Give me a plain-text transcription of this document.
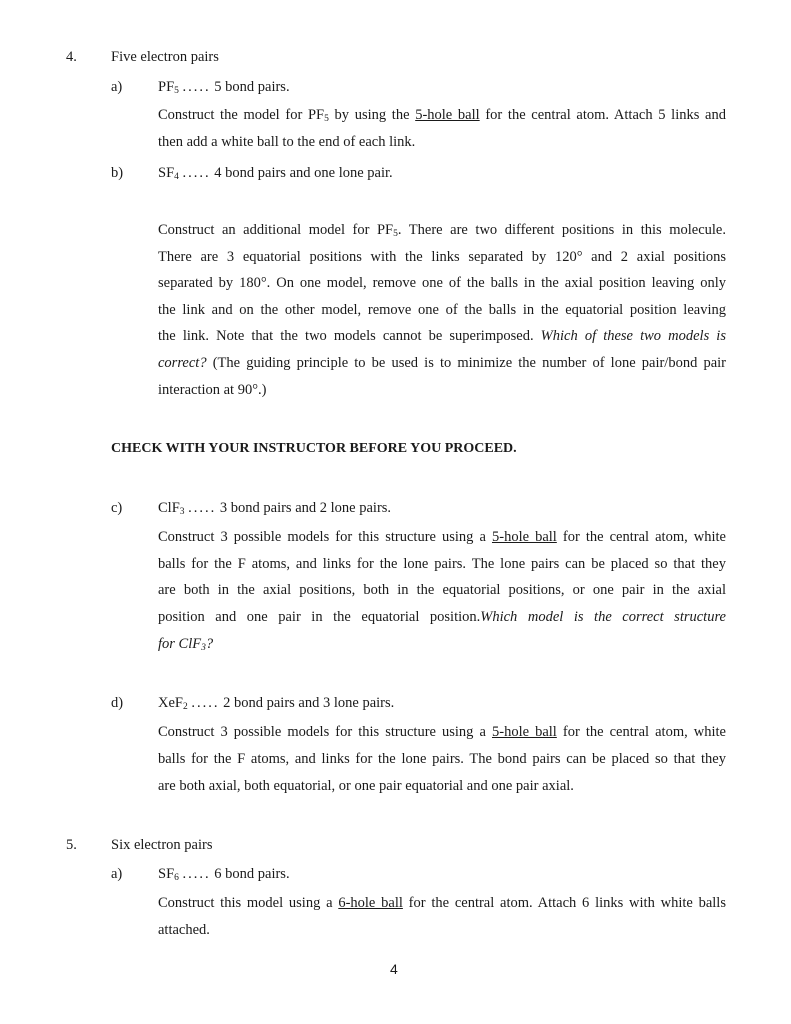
4. Five electron pairs
a) $PF_5$ ..... 5 bond pairs.
Construct the model for $PF_5$ by using the 5-hole ball for the central atom. Attach 5 links and
then add a white ball to the end of each link.
b) $SF_4$ ..... 4 bond pairs and one lone pair.
Construct an additional model for $PF_5$. There are two different positions in this molecule.
There are 3 equatorial positions with the links separated by 120° and 2 axial positions
separated by 180°. On one model, remove one of the balls in the axial position leaving only
the link and on the other model, remove one of the balls in the equatorial position leaving
the link. Note that the two models cannot be superimposed. Which of these two models is
correct? (The guiding principle to be used is to minimize the number of lone pair/bond pair
interaction at 90°.)
CHECK WITH YOUR INSTRUCTOR BEFORE YOU PROCEED.
c) ClF$_3$ ..... 3 bond pairs and 2 lone pairs.
Construct 3 possible models for this structure using a 5-hole ball for the central atom, white
balls for the F atoms, and links for the lone pairs. The lone pairs can be placed so that they
are both in the axial positions, both in the equatorial positions, or one pair in the axial
position and one pair in the equatorial position.Which model is the correct structure
for ClF$_3$?
d) XeF$_2$ ..... 2 bond pairs and 3 lone pairs.
Construct 3 possible models for this structure using a 5-hole ball for the central atom, white
balls for the F atoms, and links for the lone pairs. The bond pairs can be placed so that they
are both axial, both equatorial, or one pair equatorial and one pair axial.
5. Six electron pairs
a) $SF_6$ ..... 6 bond pairs.
Construct this model using a 6-hole ball for the central atom. Attach 6 links with white balls
attached.
4
